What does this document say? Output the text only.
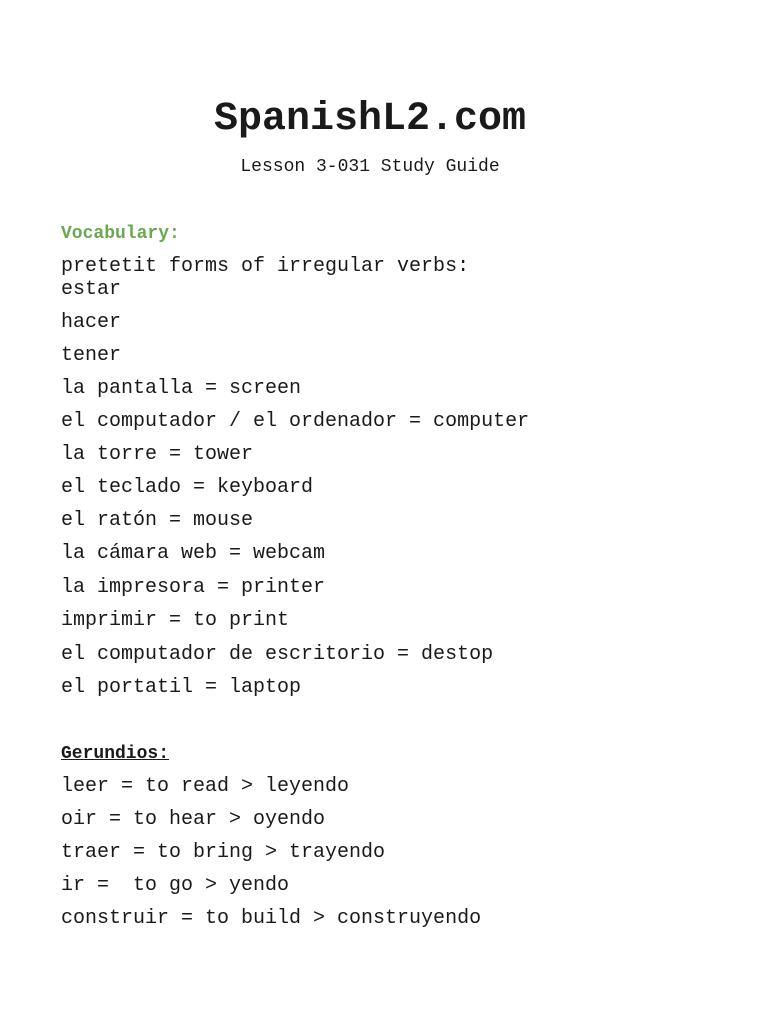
SpanishL2.com
Lesson 3-031 Study Guide
Vocabulary:
pretetit forms of irregular verbs:
estar
hacer
tener
la pantalla = screen
el computador / el ordenador = computer
la torre = tower
el teclado = keyboard
el ratón = mouse
la cámara web = webcam
la impresora = printer
imprimir = to print
el computador de escritorio = destop
el portatil = laptop
Gerundios:
leer = to read > leyendo
oir = to hear > oyendo
traer = to bring > trayendo
ir =  to go > yendo
construir = to build > construyendo
